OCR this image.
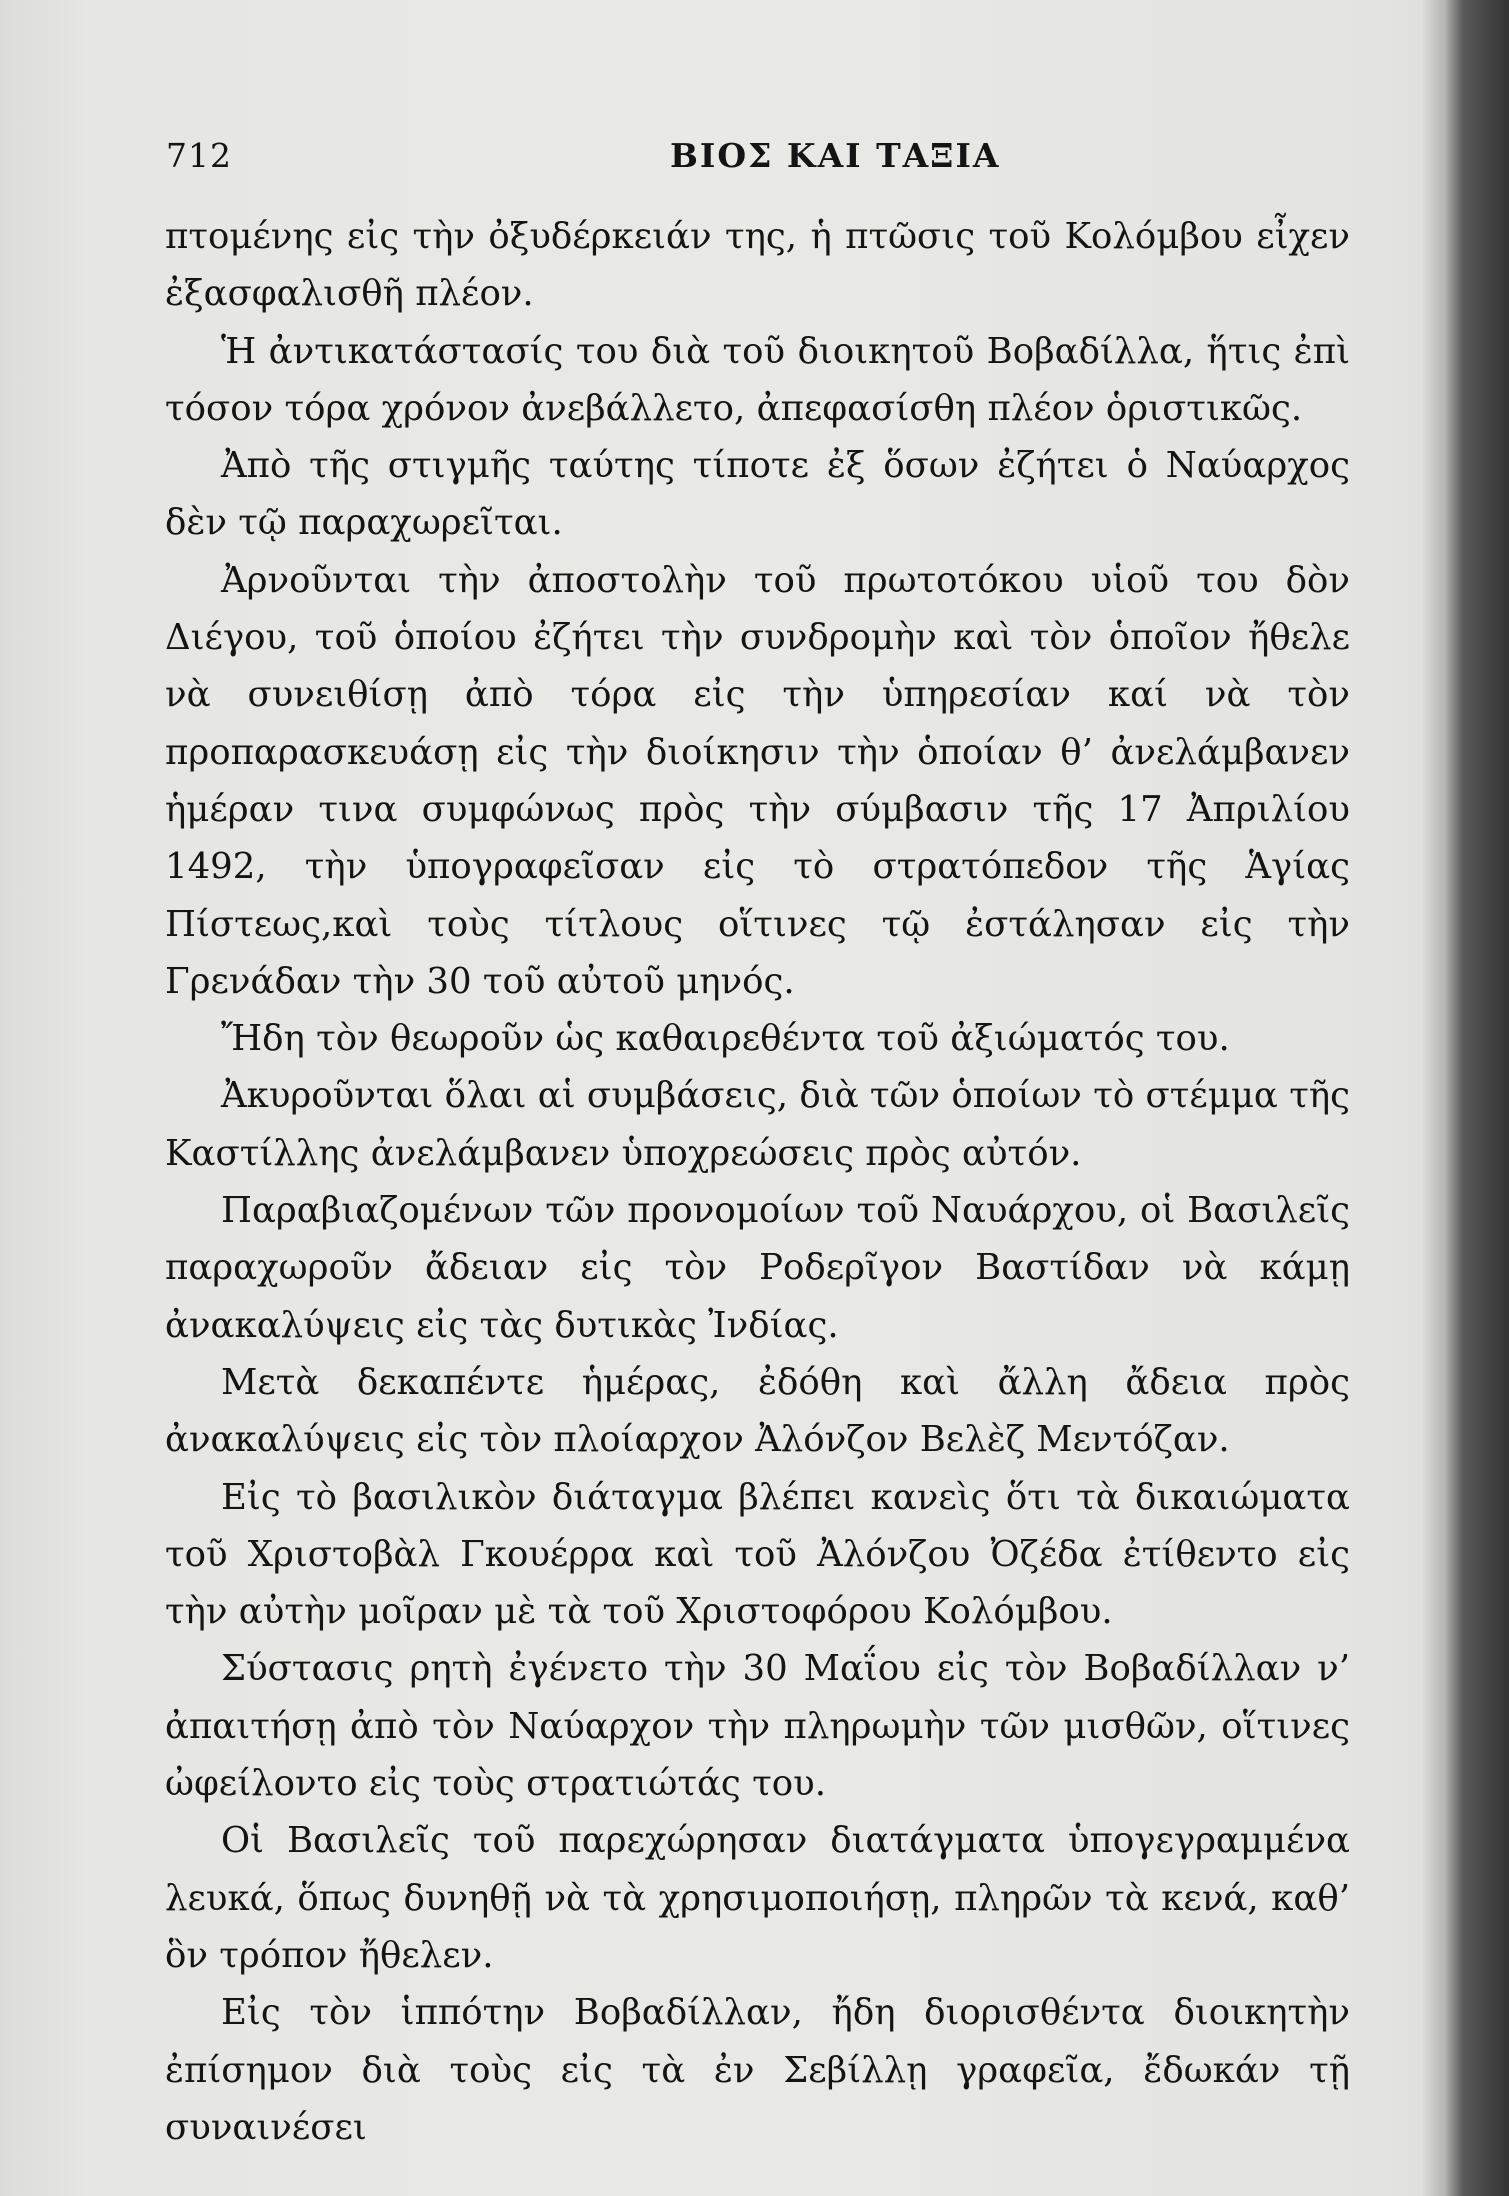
712	ΒΙΟΣ ΚΑΙ ΤΑΞΙΑ

πτομένης εἰς τὴν ὀξυδέρκειάν της, ἡ πτῶσις τοῦ Κολόμβου εἶχεν ἐξασφαλισθῆ πλέον.

Ἡ ἀντικατάστασίς του διὰ τοῦ διοικητοῦ Βοβαδίλλα, ἥτις ἐπὶ τόσον τόρα χρόνον ἀνεβάλλετο, ἀπεφασίσθη πλέον ὁριστικῶς.

Ἀπὸ τῆς στιγμῆς ταύτης τίποτε ἐξ ὅσων ἐζήτει ὁ Ναύαρχος δὲν τῷ παραχωρεῖται.

Ἀρνοῦνται τὴν ἀποστολὴν τοῦ πρωτοτόκου υἱοῦ του δὸν Διέγου, τοῦ ὁποίου ἐζήτει τὴν συνδρομὴν καὶ τὸν ὁποῖον ἤθελε νὰ συνειθίσῃ ἀπὸ τόρα εἰς τὴν ὑπηρεσίαν καί νὰ τὸν προπαρασκευάσῃ εἰς τὴν διοίκησιν τὴν ὁποίαν θ’ ἀνελάμβανεν ἡμέραν τινα συμφώνως πρὸς τὴν σύμβασιν τῆς 17 Ἀπριλίου 1492, τὴν ὑπογραφεῖσαν εἰς τὸ στρατόπεδον τῆς Ἁγίας Πίστεως,καὶ τοὺς τίτλους οἵτινες τῷ ἐστάλησαν εἰς τὴν Γρενάδαν τὴν 30 τοῦ αὐτοῦ μηνός.

Ἤδη τὸν θεωροῦν ὡς καθαιρεθέντα τοῦ ἀξιώματός του.

Ἀκυροῦνται ὅλαι αἱ συμβάσεις, διὰ τῶν ὁποίων τὸ στέμμα τῆς Καστίλλης ἀνελάμβανεν ὑποχρεώσεις πρὸς αὐτόν.

Παραβιαζομένων τῶν προνομοίων τοῦ Ναυάρχου, οἱ Βασιλεῖς παραχωροῦν ἄδειαν εἰς τὸν Ροδερῖγον Βαστίδαν νὰ κάμῃ ἀνακαλύψεις εἰς τὰς δυτικὰς Ἰνδίας.

Μετὰ δεκαπέντε ἡμέρας, ἐδόθη καὶ ἄλλη ἄδεια πρὸς ἀνακαλύψεις εἰς τὸν πλοίαρχον Ἀλόνζον Βελὲζ Μεντόζαν.

Εἰς τὸ βασιλικὸν διάταγμα βλέπει κανεὶς ὅτι τὰ δικαιώματα τοῦ Χριστοβὰλ Γκουέρρα καὶ τοῦ Ἀλόνζου Ὀζέδα ἐτίθεντο εἰς τὴν αὐτὴν μοῖραν μὲ τὰ τοῦ Χριστοφόρου Κολόμβου.

Σύστασις ρητὴ ἐγένετο τὴν 30 Μαΐου εἰς τὸν Βοβαδίλλαν ν’ ἀπαιτήσῃ ἀπὸ τὸν Ναύαρχον τὴν πληρωμὴν τῶν μισθῶν, οἵτινες ὠφείλοντο εἰς τοὺς στρατιώτάς του.

Οἱ Βασιλεῖς τοῦ παρεχώρησαν διατάγματα ὑπογεγραμμένα λευκά, ὅπως δυνηθῇ νὰ τὰ χρησιμοποιήσῃ, πληρῶν τὰ κενά, καθ’ ὃν τρόπον ἤθελεν.

Εἰς τὸν ἱππότην Βοβαδίλλαν, ἤδη διορισθέντα διοικητὴν ἐπίσημον διὰ τοὺς εἰς τὰ ἐν Σεβίλλῃ γραφεῖα, ἔδωκάν τῇ συναινέσει
